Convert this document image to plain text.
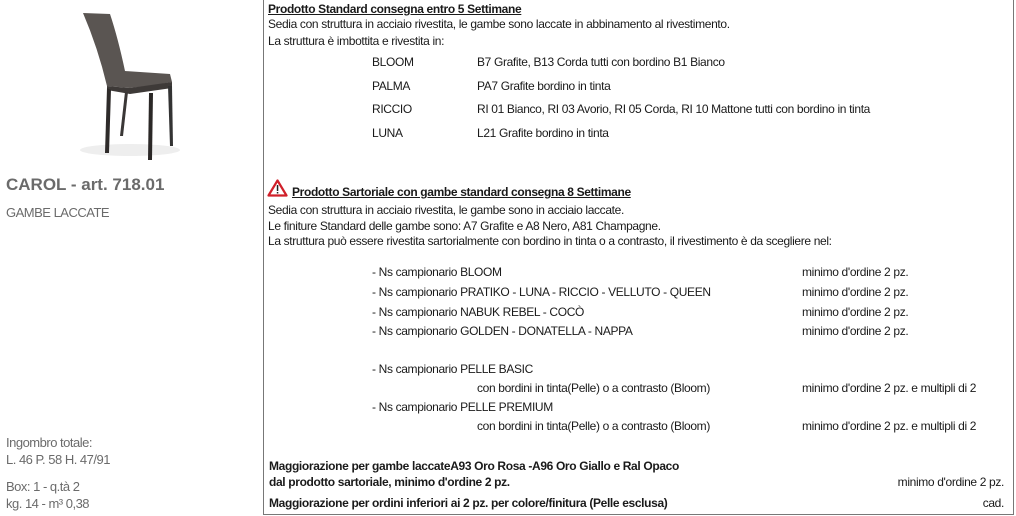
CAROL - art. 718.01
GAMBE LACCATE
Ingombro totale:
L. 46 P. 58 H. 47/91
Box: 1 - q.tà 2
kg. 14 - m³ 0,38
Prodotto Standard consegna entro 5 Settimane
Sedia con struttura in acciaio rivestita, le gambe sono laccate in abbinamento al rivestimento.
La struttura è imbottita e rivestita in:
BLOOM	B7 Grafite, B13 Corda tutti con bordino B1 Bianco
PALMA	PA7 Grafite bordino in tinta
RICCIO	RI 01 Bianco, RI 03 Avorio, RI 05 Corda, RI 10 Mattone tutti con bordino in tinta
LUNA	L21 Grafite bordino in tinta
Prodotto Sartoriale con gambe standard consegna 8 Settimane
Sedia con struttura in acciaio rivestita, le gambe sono in acciaio laccate.
Le finiture Standard delle gambe sono: A7 Grafite e A8 Nero, A81 Champagne.
La struttura può essere rivestita sartorialmente con bordino in tinta o a contrasto, il rivestimento è da scegliere nel:
- Ns campionario BLOOM	minimo d'ordine 2 pz.
- Ns campionario PRATIKO - LUNA - RICCIO - VELLUTO - QUEEN	minimo d'ordine 2 pz.
- Ns campionario NABUK REBEL - COCÒ	minimo d'ordine 2 pz.
- Ns campionario GOLDEN - DONATELLA - NAPPA	minimo d'ordine 2 pz.
- Ns campionario PELLE BASIC
con bordini in tinta(Pelle) o a contrasto (Bloom)	minimo d'ordine 2 pz. e multipli di 2
- Ns campionario PELLE PREMIUM
con bordini in tinta(Pelle) o a contrasto (Bloom)	minimo d'ordine 2 pz. e multipli di 2
Maggiorazione per gambe laccateA93 Oro Rosa -A96 Oro Giallo e Ral Opaco
dal prodotto sartoriale, minimo d'ordine 2 pz.	minimo d'ordine 2 pz.
Maggiorazione per ordini inferiori ai 2 pz. per colore/finitura (Pelle esclusa)	cad.
